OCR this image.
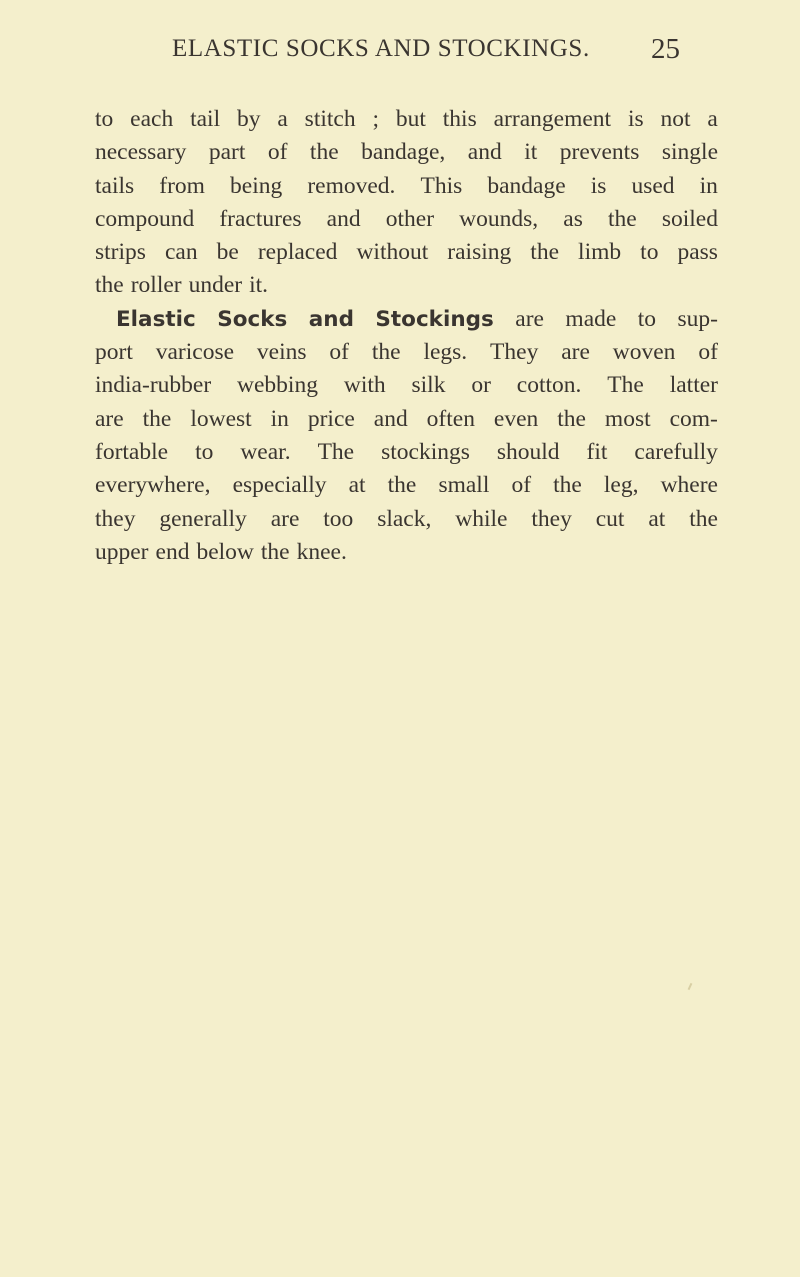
ELASTIC SOCKS AND STOCKINGS. 25
to each tail by a stitch ; but this arrangement is not a
necessary part of the bandage, and it prevents single
tails from being removed. This bandage is used in
compound fractures and other wounds, as the soiled
strips can be replaced without raising the limb to pass
the roller under it.
Elastic Socks and Stockings are made to sup-
port varicose veins of the legs. They are woven of
india-rubber webbing with silk or cotton. The latter
are the lowest in price and often even the most com-
fortable to wear. The stockings should fit carefully
everywhere, especially at the small of the leg, where
they generally are too slack, while they cut at the
upper end below the knee.
